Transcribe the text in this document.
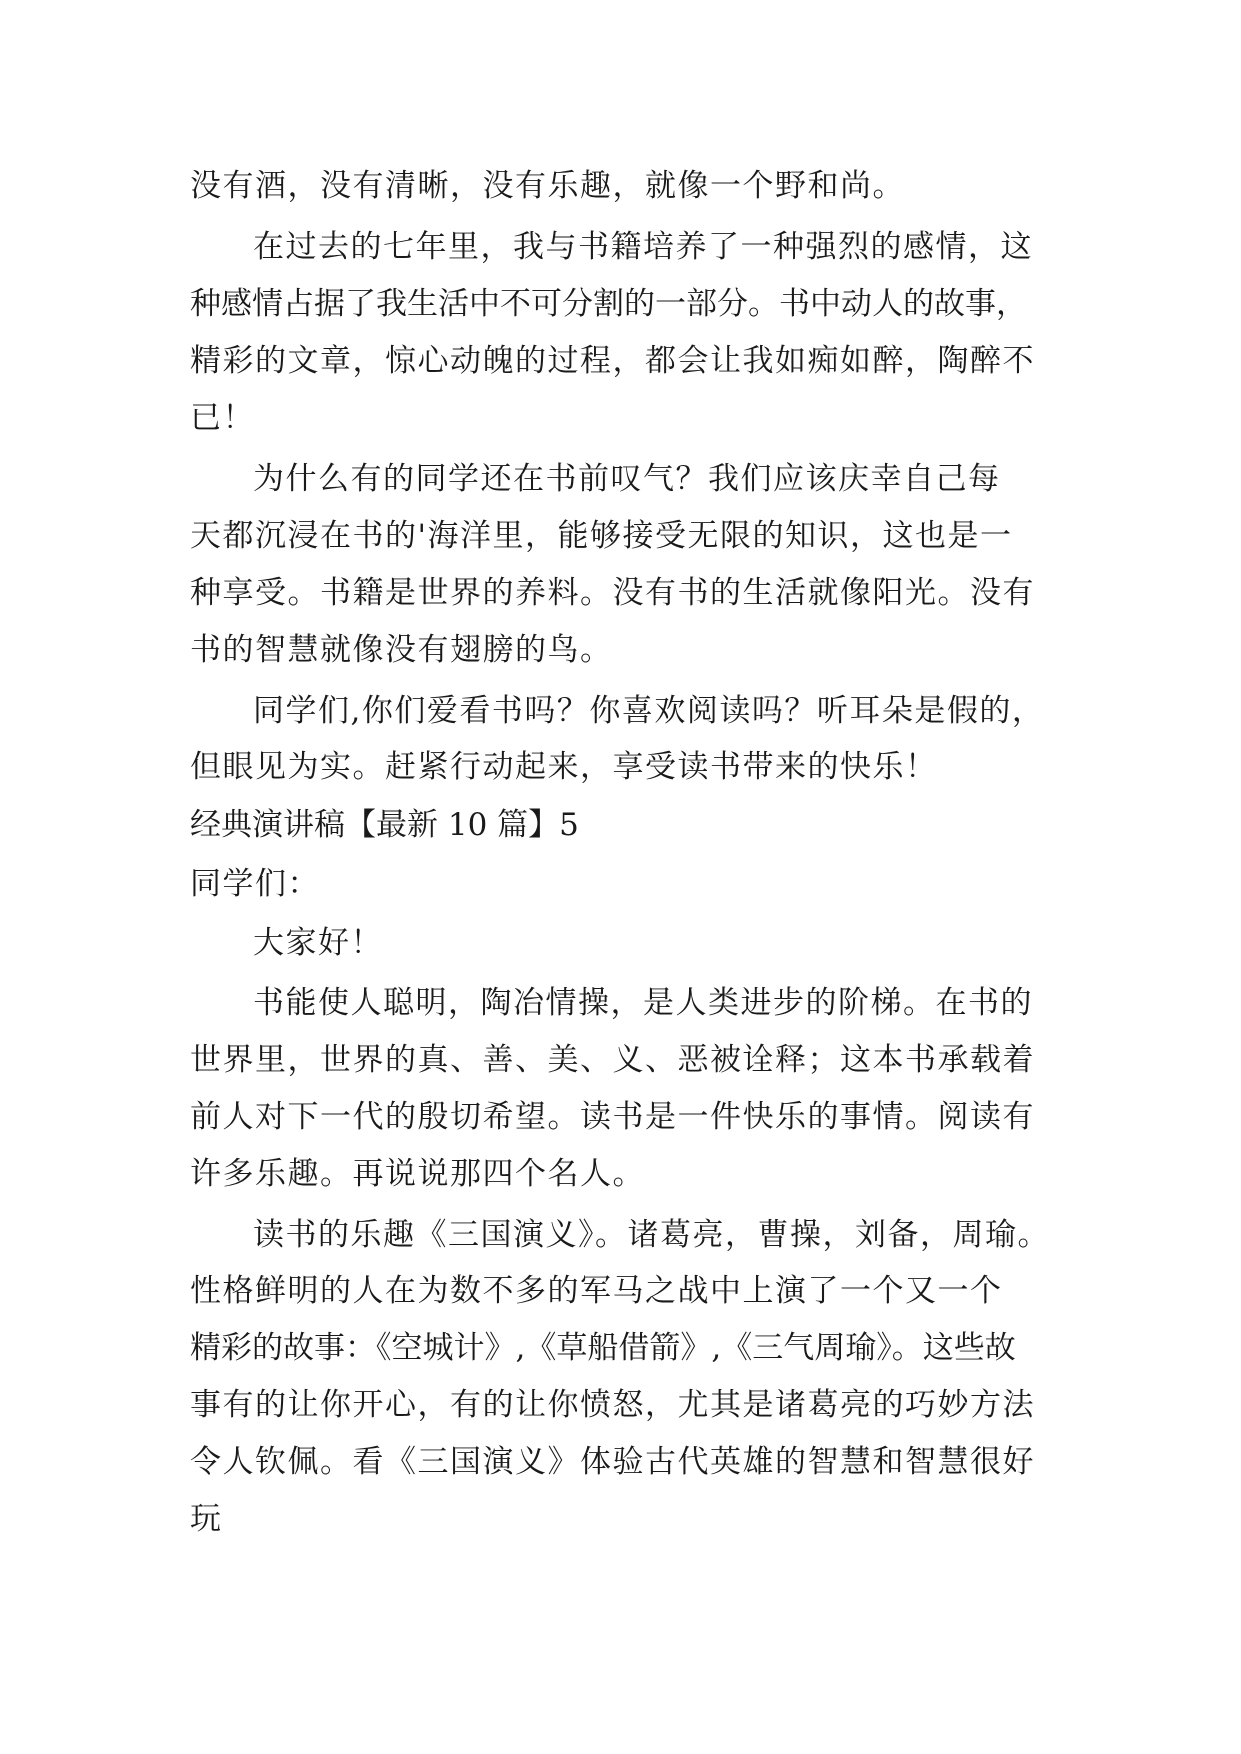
没有酒，没有清晰，没有乐趣，就像一个野和尚。
在过去的七年里，我与书籍培养了一种强烈的感情，这
种感情占据了我生活中不可分割的一部分。书中动人的故事，
精彩的文章，惊心动魄的过程，都会让我如痴如醉，陶醉不
已！
为什么有的同学还在书前叹气？我们应该庆幸自己每
天都沉浸在书的'海洋里，能够接受无限的知识，这也是一
种享受。书籍是世界的养料。没有书的生活就像阳光。没有
书的智慧就像没有翅膀的鸟。
同学们,你们爱看书吗？你喜欢阅读吗？听耳朵是假的，
但眼见为实。赶紧行动起来，享受读书带来的快乐！
经典演讲稿【最新 10 篇】5
同学们：
大家好！
书能使人聪明，陶冶情操，是人类进步的阶梯。在书的
世界里，世界的真、善、美、义、恶被诠释；这本书承载着
前人对下一代的殷切希望。读书是一件快乐的事情。阅读有
许多乐趣。再说说那四个名人。
读书的乐趣《三国演义》。诸葛亮，曹操，刘备，周瑜。
性格鲜明的人在为数不多的军马之战中上演了一个又一个
精彩的故事：《空城计》,《草船借箭》,《三气周瑜》。这些故
事有的让你开心，有的让你愤怒，尤其是诸葛亮的巧妙方法
令人钦佩。看《三国演义》体验古代英雄的智慧和智慧很好
玩
